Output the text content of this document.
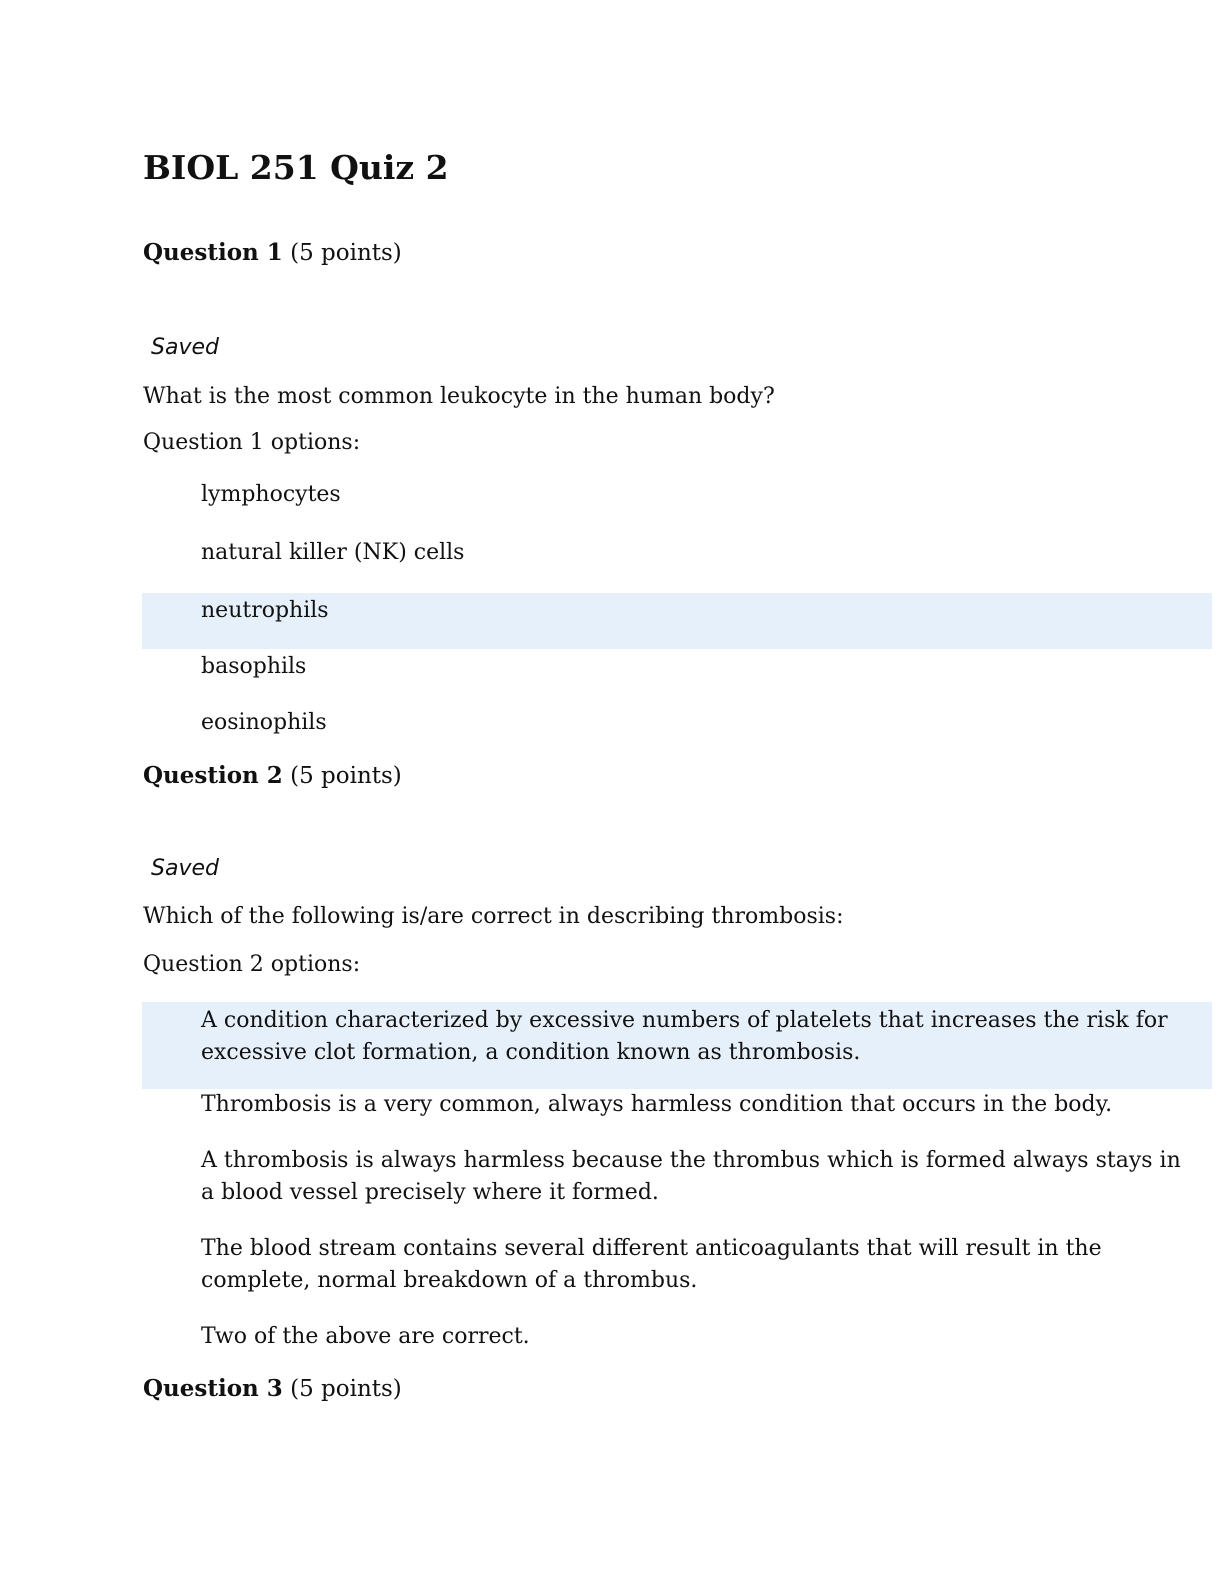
BIOL 251 Quiz 2
Question 1 (5 points)
Saved
What is the most common leukocyte in the human body?
Question 1 options:
lymphocytes
natural killer (NK) cells
neutrophils
basophils
eosinophils
Question 2 (5 points)
Saved
Which of the following is/are correct in describing thrombosis:
Question 2 options:
A condition characterized by excessive numbers of platelets that increases the risk for excessive clot formation, a condition known as thrombosis.
Thrombosis is a very common, always harmless condition that occurs in the body.
A thrombosis is always harmless because the thrombus which is formed always stays in a blood vessel precisely where it formed.
The blood stream contains several different anticoagulants that will result in the complete, normal breakdown of a thrombus.
Two of the above are correct.
Question 3 (5 points)
